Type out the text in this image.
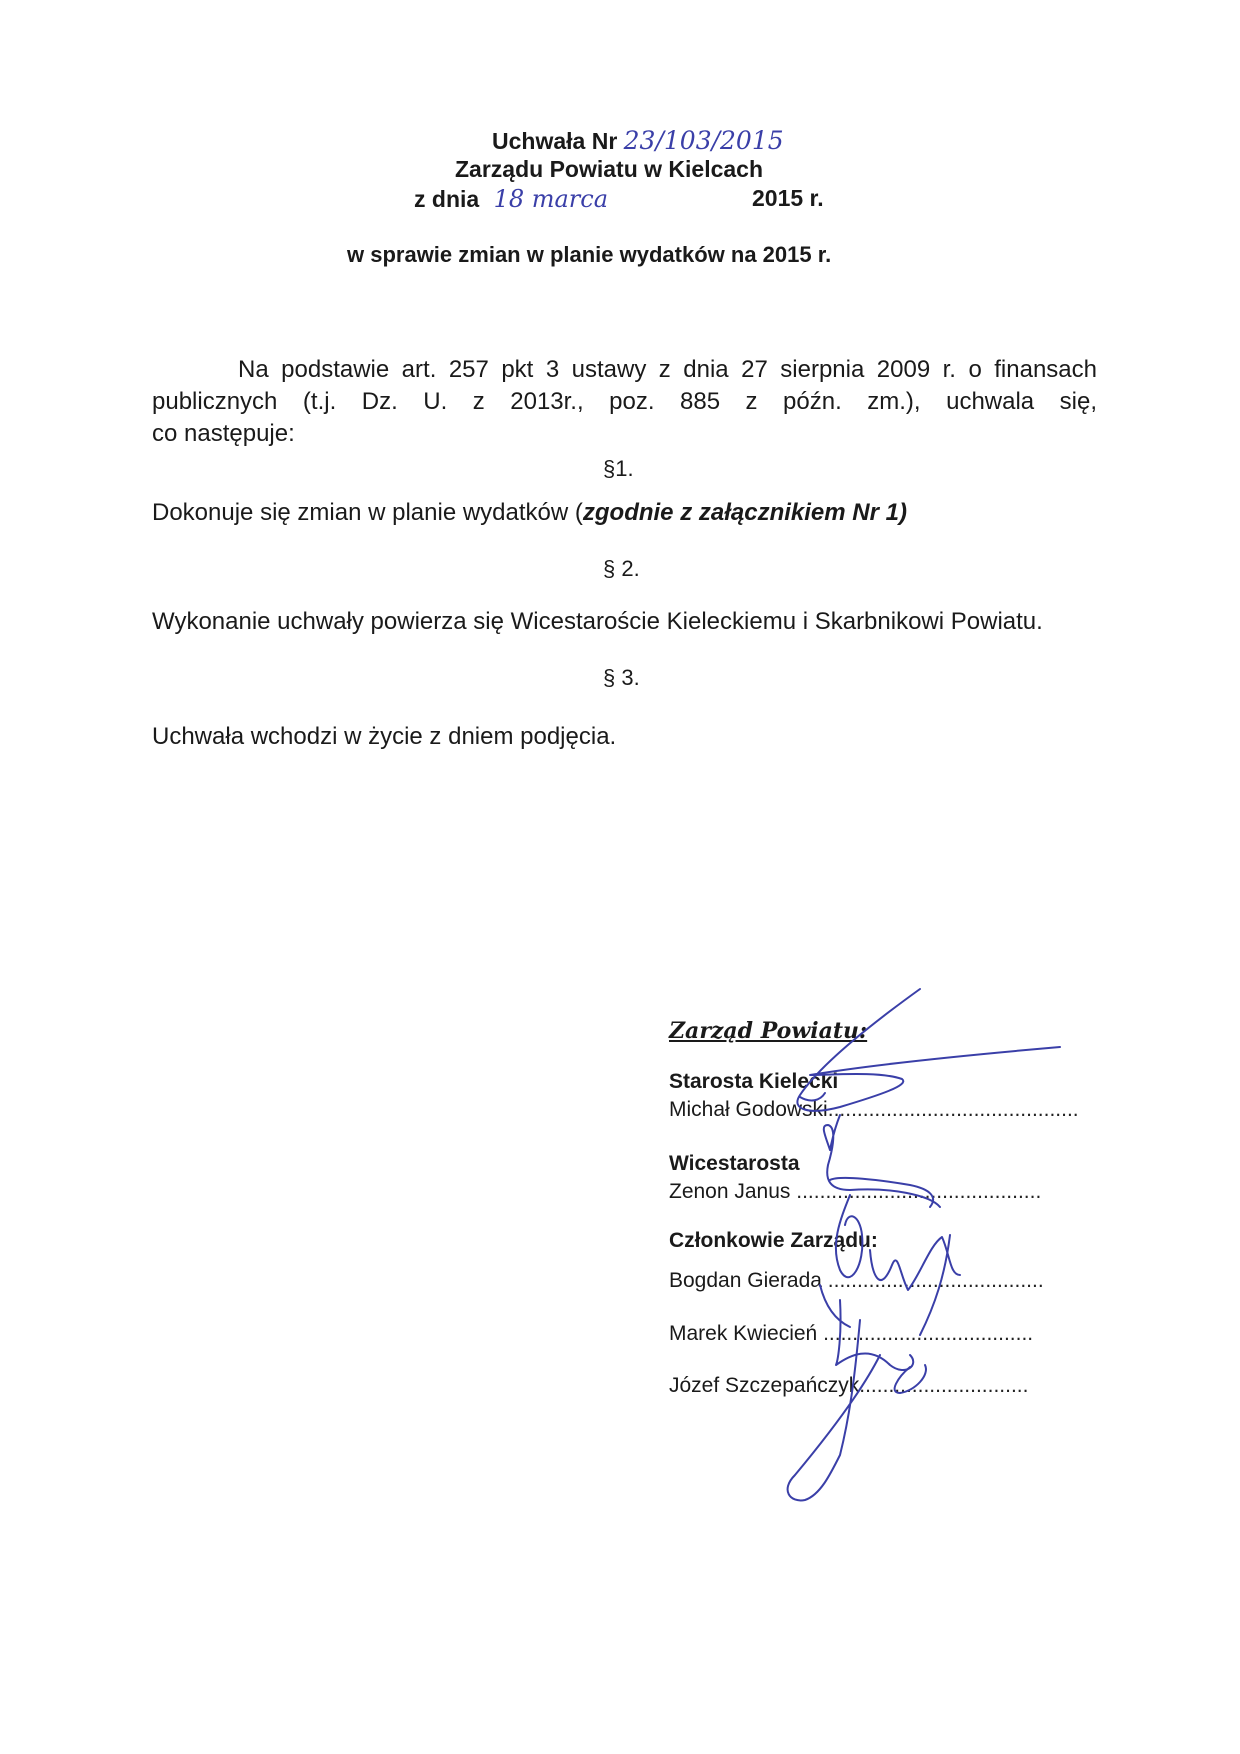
Uchwała Nr 23/103/2015
Zarządu Powiatu w Kielcach
z dnia 18 marca	2015 r.
w sprawie zmian w planie wydatków na 2015 r.
Na podstawie art. 257 pkt 3 ustawy z dnia 27 sierpnia 2009 r. o finansach
publicznych (t.j. Dz. U. z 2013r., poz. 885 z późn. zm.), uchwala się,
co następuje:
§1.
Dokonuje się zmian w planie wydatków (zgodnie z załącznikiem Nr 1)
§ 2.
Wykonanie uchwały powierza się Wicestaroście Kieleckiemu i Skarbnikowi Powiatu.
§ 3.
Uchwała wchodzi w życie z dniem podjęcia.
Zarząd Powiatu:
Starosta Kielecki
Michał Godowski...........................................
Wicestarosta
Zenon Janus ..........................................
Członkowie Zarządu:
Bogdan Gierada .....................................
Marek Kwiecień ....................................
Józef Szczepańczyk.............................
